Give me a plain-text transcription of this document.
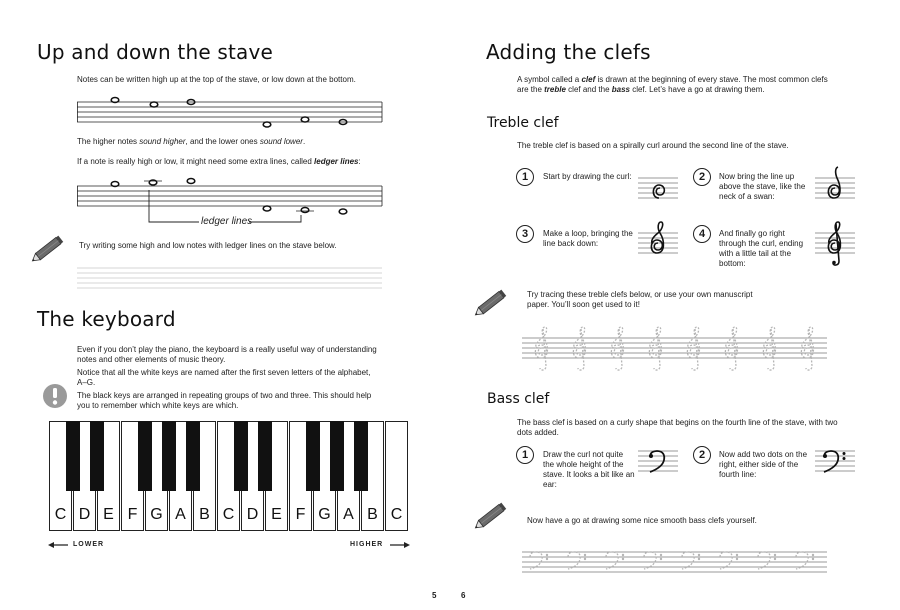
Up and down the stave
Notes can be written high up at the top of the stave, or low down at the bottom.
The higher notes sound higher, and the lower ones sound lower.
If a note is really high or low, it might need some extra lines, called ledger lines:
ledger lines
Try writing some high and low notes with ledger lines on the stave below.
The keyboard
Even if you don’t play the piano, the keyboard is a really useful way of understanding notes and other elements of music theory.
Notice that all the white keys are named after the first seven letters of the alphabet, A–G.
The black keys are arranged in repeating groups of two and three. This should help you to remember which white keys are which.
C D E F G A B C D E F G A B C
LOWER	HIGHER
5
Adding the clefs
A symbol called a clef is drawn at the beginning of every stave. The most common clefs are the treble clef and the bass clef. Let’s have a go at drawing them.
Treble clef
The treble clef is based on a spirally curl around the second line of the stave.
1	Start by drawing the curl:	2	Now bring the line up above the stave, like the neck of a swan:
3	Make a loop, bringing the line back down:
4	And finally go right through the curl, ending with a little tail at the bottom:
Try tracing these treble clefs below, or use your own manuscript paper. You’ll soon get used to it!
Bass clef
The bass clef is based on a curly shape that begins on the fourth line of the stave, with two dots added.
1	Draw the curl not quite the whole height of the stave. It looks a bit like an ear:
2	Now add two dots on the right, either side of the fourth line:
Now have a go at drawing some nice smooth bass clefs yourself.
6
